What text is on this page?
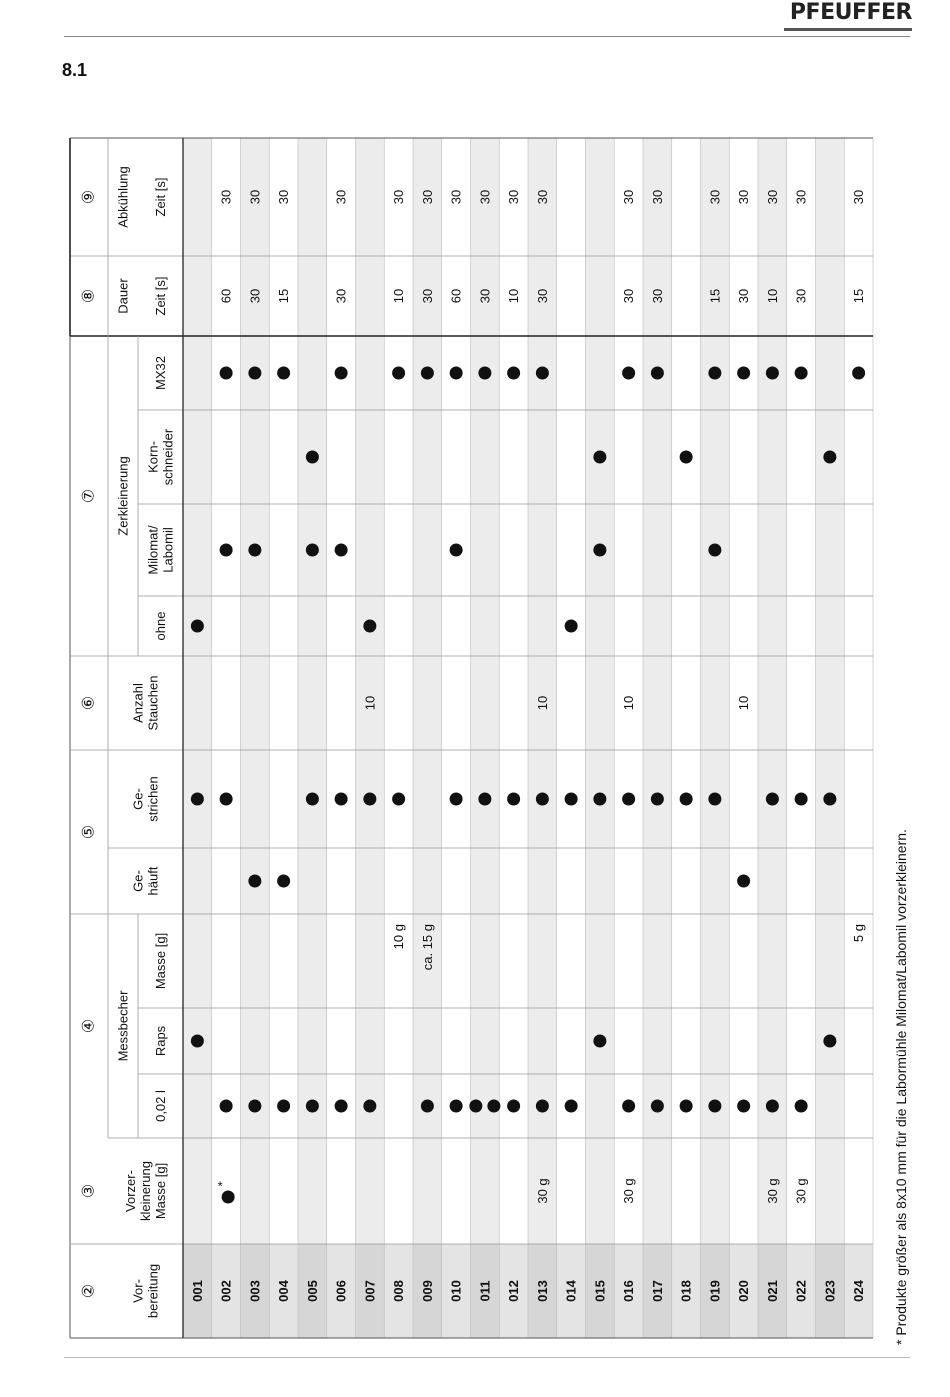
PFEUFFER
8.1
②
③
④ Messbecher
⑤
⑥
⑦ Zerkleinerung
⑧ Dauer
⑨ Abkühlung
Vor- bereitung
Vorzer- kleinerung Masse [g]
0,02 l
Raps
Masse [g]
Ge- häuft
Ge- strichen
Anzahl Stauchen
ohne
Milomat/ Labomil
Korn- schneider
MX32
Zeit [s]
Zeit [s]
001 002
*
60
30
003
30
30
004
15
30
005 006
30
30
007
10
008
10 g
10
30
009
ca. 15 g
30
30
010
60
30
011
30
30
012
10
30
013
30 g
10
30
30
014 015 016
30 g
10
30
30
017
30
30
018 019
15
30
020
10
30
30
021
30 g
10
30
022
30 g
30
30
023 024
5 g
15
30
* Produkte größer als 8x10 mm für die Labormühle Milomat/Labomil vorzerkleinern.
